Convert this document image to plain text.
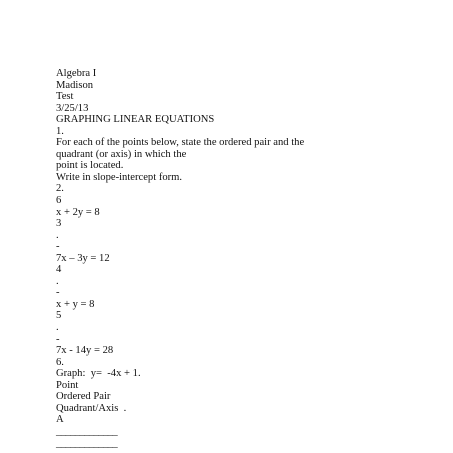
Algebra I
Madison
Test
3/25/13
GRAPHING LINEAR EQUATIONS
1.
For each of the points below, state the ordered pair and the
quadrant (or axis) in which the
point is located.
Write in slope-intercept form.
2.
6
x + 2y = 8
3
.
-
7x – 3y = 12
4
.
-
x + y = 8
5
.
-
7x - 14y = 28
6.
Graph:  y=  -4x + 1.
Point
Ordered Pair
Quadrant/Axis  .
A
_____________
_____________
